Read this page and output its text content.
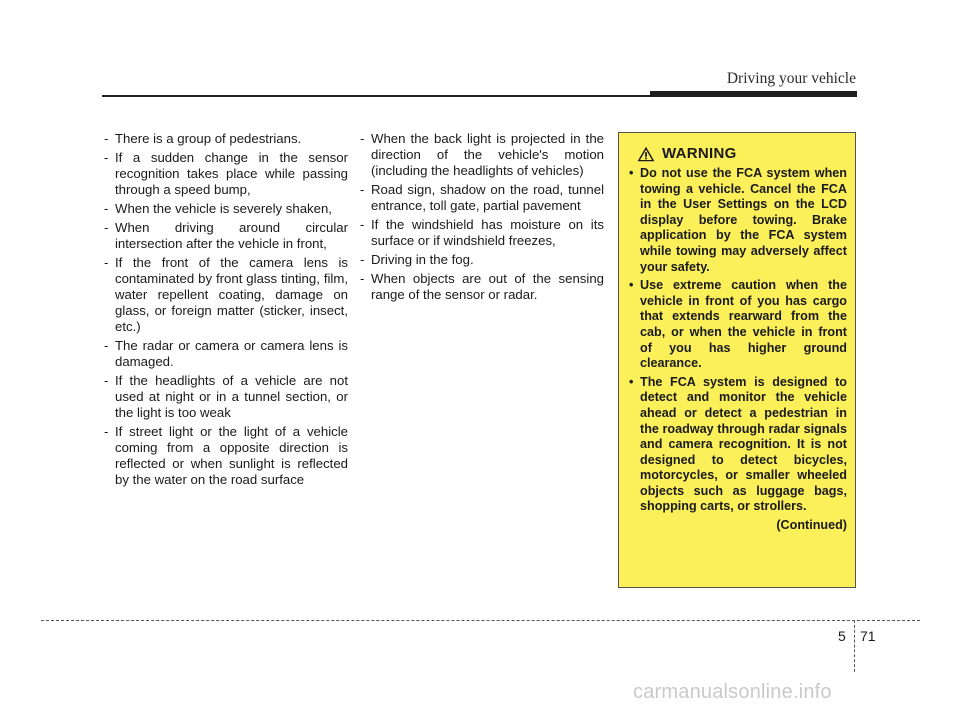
Driving your vehicle
- There is a group of pedestrians.
- If a sudden change in the sensor recognition takes place while passing through a speed bump,
- When the vehicle is severely shaken,
- When driving around circular intersection after the vehicle in front,
- If the front of the camera lens is contaminated by front glass tinting, film, water repellent coating, damage on glass, or foreign matter (sticker, insect, etc.)
- The radar or camera or camera lens is damaged.
- If the headlights of a vehicle are not used at night or in a tunnel section, or the light is too weak
- If street light or the light of a vehicle coming from a opposite direction is reflected or when sunlight is reflected by the water on the road surface
- When the back light is projected in the direction of the vehicle's motion (including the headlights of vehicles)
- Road sign, shadow on the road, tunnel entrance, toll gate, partial pavement
- If the windshield has moisture on its surface or if windshield freezes,
- Driving in the fog.
- When objects are out of the sensing range of the sensor or radar.
WARNING
• Do not use the FCA system when towing a vehicle. Cancel the FCA in the User Settings on the LCD display before towing. Brake application by the FCA system while towing may adversely affect your safety.
• Use extreme caution when the vehicle in front of you has cargo that extends rearward from the cab, or when the vehicle in front of you has higher ground clearance.
• The FCA system is designed to detect and monitor the vehicle ahead or detect a pedestrian in the roadway through radar signals and camera recognition. It is not designed to detect bicycles, motorcycles, or smaller wheeled objects such as luggage bags, shopping carts, or strollers.
(Continued)
5 71
carmanualsonline.info
